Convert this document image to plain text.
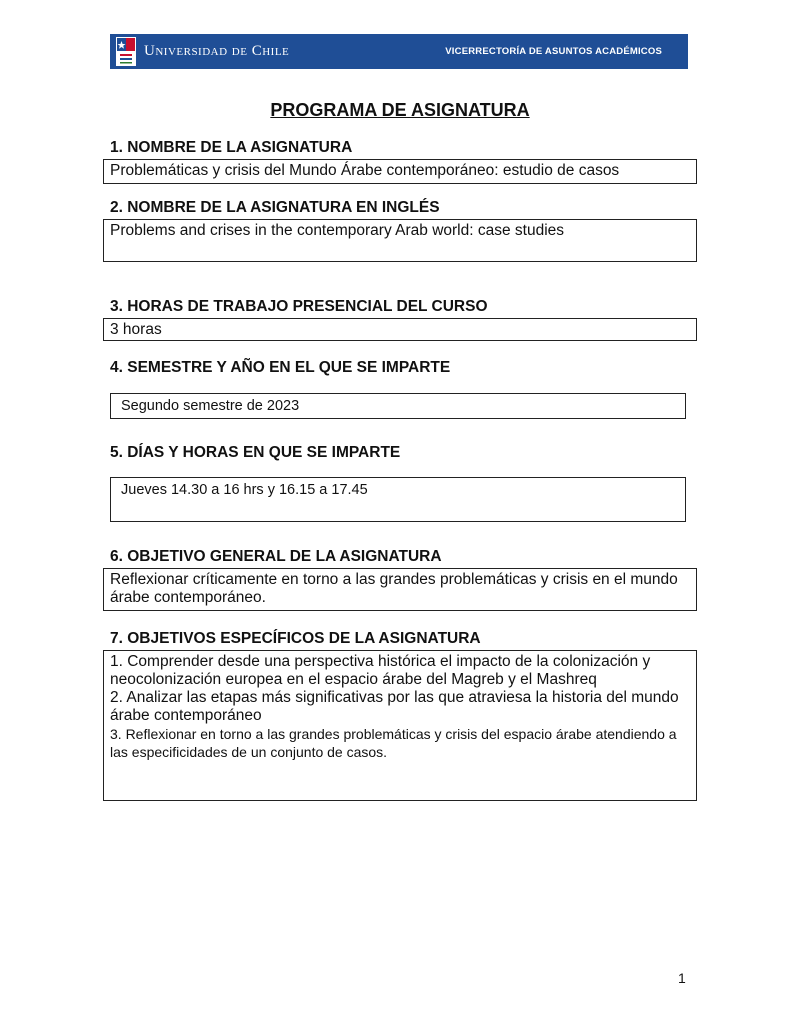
Universidad de Chile	VICERRECTORÍA DE ASUNTOS ACADÉMICOS
PROGRAMA DE ASIGNATURA
1. NOMBRE DE LA ASIGNATURA
Problemáticas y crisis del Mundo Árabe contemporáneo: estudio de casos
2. NOMBRE DE LA ASIGNATURA EN INGLÉS
Problems and crises in the contemporary Arab world: case studies
3. HORAS DE TRABAJO PRESENCIAL DEL CURSO
3 horas
4. SEMESTRE Y AÑO EN EL QUE SE IMPARTE
Segundo semestre de 2023
5. DÍAS Y HORAS EN QUE SE IMPARTE
Jueves 14.30 a 16 hrs y 16.15 a 17.45
6. OBJETIVO GENERAL DE LA ASIGNATURA
Reflexionar críticamente en torno a las grandes problemáticas y crisis en el mundo árabe contemporáneo.
7. OBJETIVOS ESPECÍFICOS DE LA ASIGNATURA
1. Comprender desde una perspectiva histórica el impacto de la colonización y neocolonización europea en el espacio árabe del Magreb y el Mashreq
2. Analizar las etapas más significativas por las que atraviesa la historia del mundo árabe contemporáneo
3. Reflexionar en torno a las grandes problemáticas y crisis del espacio árabe atendiendo a las especificidades de un conjunto de casos.
1
